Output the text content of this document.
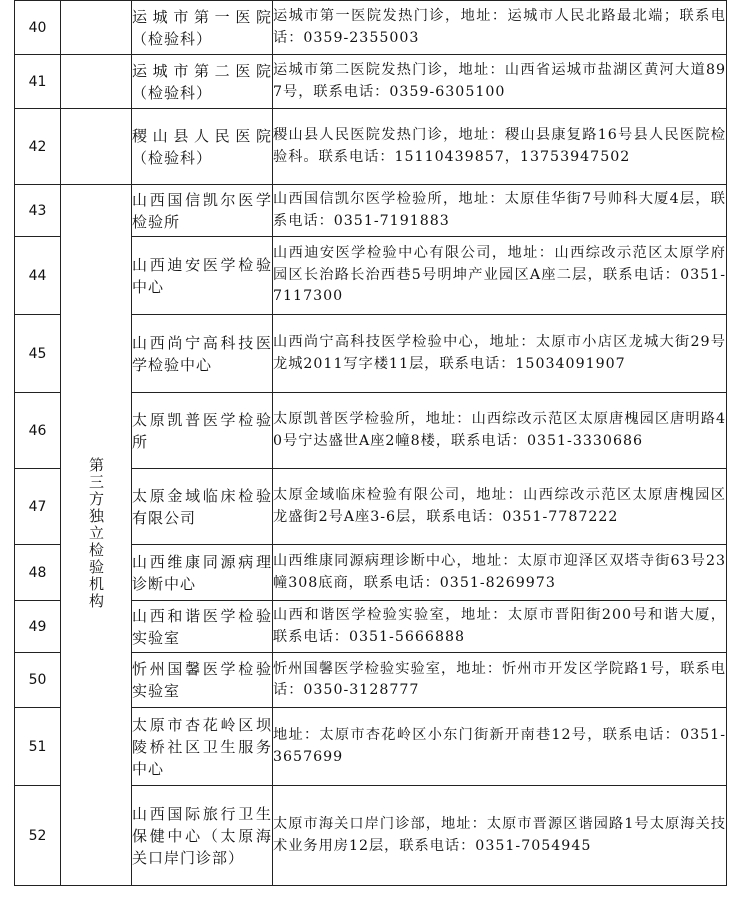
40		运城市第一医院（检验科）	运城市第一医院发热门诊，地址：运城市人民北路最北端；联系电话：0359-2355003
41		运城市第二医院（检验科）	运城市第二医院发热门诊，地址：山西省运城市盐湖区黄河大道897号，联系电话：0359-6305100
42		稷山县人民医院（检验科）	稷山县人民医院发热门诊，地址：稷山县康复路16号县人民医院检验科。联系电话：15110439857，13753947502
43	第三方独立检验机构	山西国信凯尔医学检验所	山西国信凯尔医学检验所，地址：太原佳华街7号帅科大厦4层，联系电话：0351-7191883
44		山西迪安医学检验中心	山西迪安医学检验中心有限公司，地址：山西综改示范区太原学府园区长治路长治西巷5号明坤产业园区A座二层，联系电话：0351-7117300
45		山西尚宁高科技医学检验中心	山西尚宁高科技医学检验中心，地址：太原市小店区龙城大街29号龙城2011写字楼11层，联系电话：15034091907
46		太原凯普医学检验所	太原凯普医学检验所，地址：山西综改示范区太原唐槐园区唐明路40号宁达盛世A座2幢8楼，联系电话：0351-3330686
47		太原金域临床检验有限公司	太原金域临床检验有限公司，地址：山西综改示范区太原唐槐园区龙盛街2号A座3-6层，联系电话：0351-7787222
48		山西维康同源病理诊断中心	山西维康同源病理诊断中心，地址：太原市迎泽区双塔寺街63号23幢308底商，联系电话：0351-8269973
49		山西和谐医学检验实验室	山西和谐医学检验实验室，地址：太原市晋阳街200号和谐大厦，联系电话：0351-5666888
50		忻州国馨医学检验实验室	忻州国馨医学检验实验室，地址：忻州市开发区学院路1号，联系电话：0350-3128777
51		太原市杏花岭区坝陵桥社区卫生服务中心	地址：太原市杏花岭区小东门街新开南巷12号，联系电话：0351-3657699
52		山西国际旅行卫生保健中心（太原海关口岸门诊部）	太原市海关口岸门诊部，地址：太原市晋源区谐园路1号太原海关技术业务用房12层，联系电话：0351-7054945
